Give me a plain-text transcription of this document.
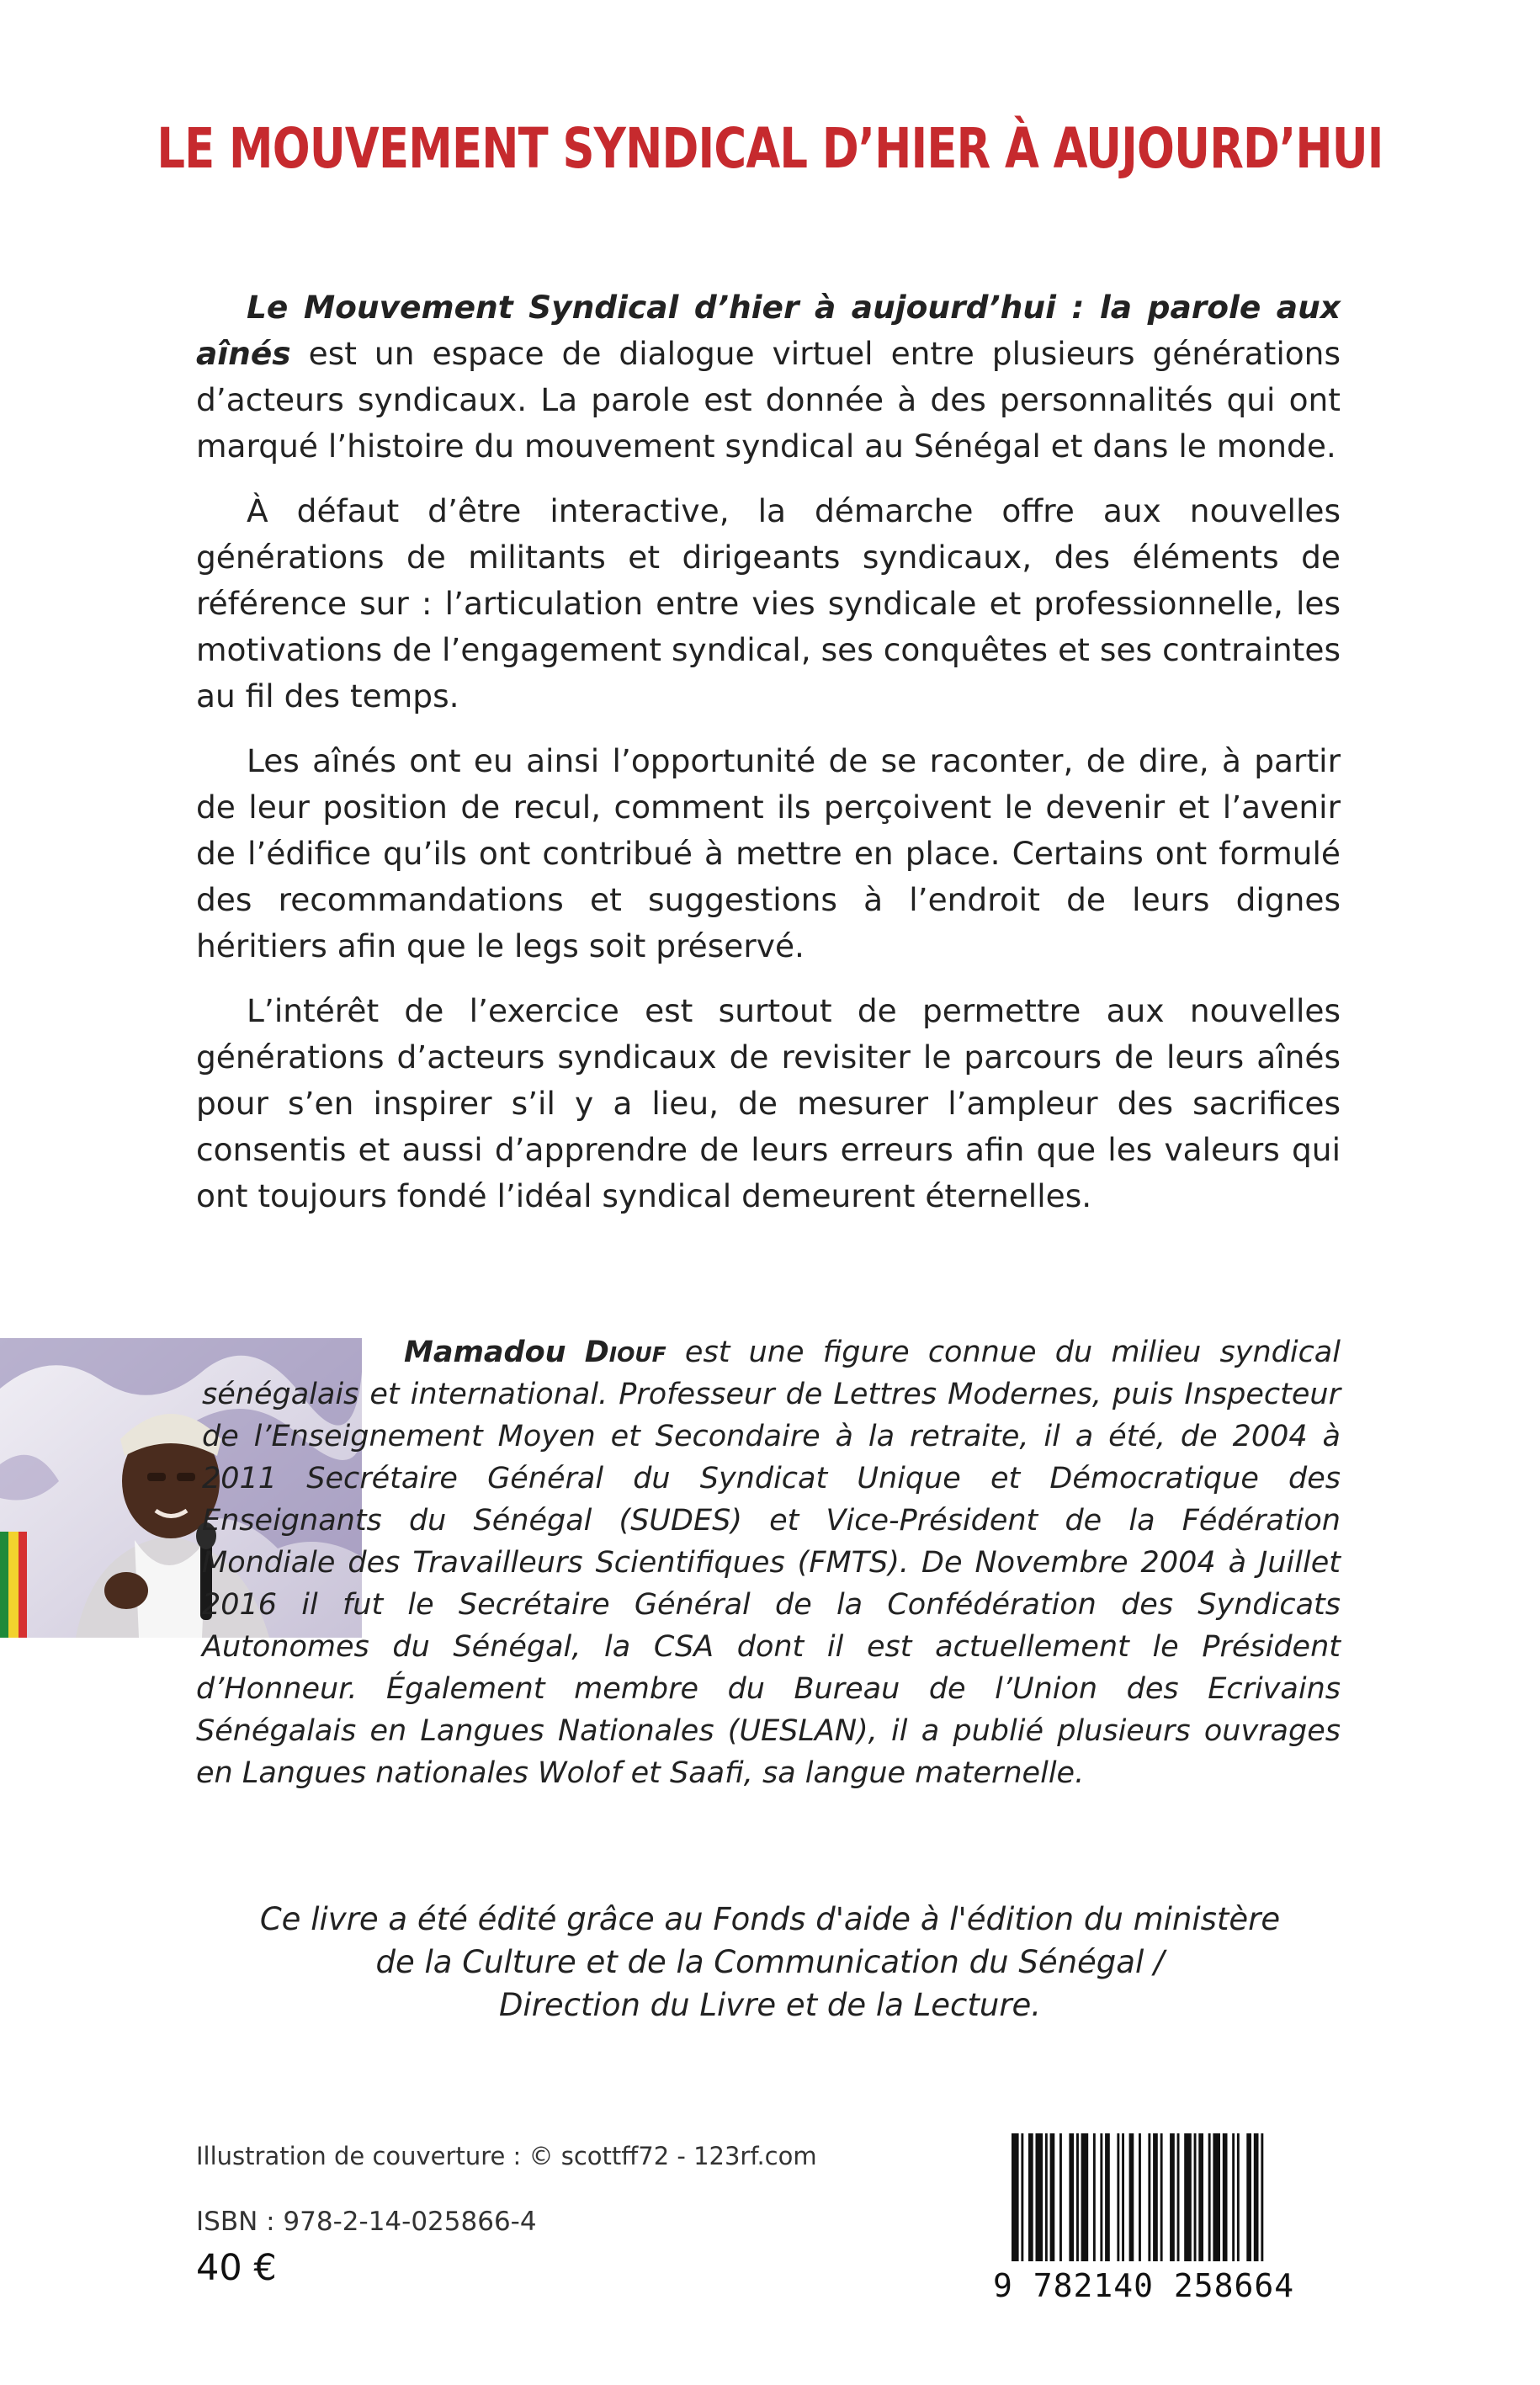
LE MOUVEMENT SYNDICAL D’HIER À AUJOURD’HUI

Le Mouvement Syndical d’hier à aujourd’hui : la parole aux aînés est un espace de dialogue virtuel entre plusieurs générations d’acteurs syndicaux. La parole est donnée à des personnalités qui ont marqué l’histoire du mouvement syndical au Sénégal et dans le monde.

À défaut d’être interactive, la démarche offre aux nouvelles générations de militants et dirigeants syndicaux, des éléments de référence sur : l’articulation entre vies syndicale et professionnelle, les motivations de l’engagement syndical, ses conquêtes et ses contraintes au fil des temps.

Les aînés ont eu ainsi l’opportunité de se raconter, de dire, à partir de leur position de recul, comment ils perçoivent le devenir et l’avenir de l’édifice qu’ils ont contribué à mettre en place. Certains ont formulé des recommandations et suggestions à l’endroit de leurs dignes héritiers afin que le legs soit préservé.

L’intérêt de l’exercice est surtout de permettre aux nouvelles générations d’acteurs syndicaux de revisiter le parcours de leurs aînés pour s’en inspirer s’il y a lieu, de mesurer l’ampleur des sacrifices consentis et aussi d’apprendre de leurs erreurs afin que les valeurs qui ont toujours fondé l’idéal syndical demeurent éternelles.

Mamadou Diouf est une figure connue du milieu syndical sénégalais et international. Professeur de Lettres Modernes, puis Inspecteur de l’Enseignement Moyen et Secondaire à la retraite, il a été, de 2004 à 2011 Secrétaire Général du Syndicat Unique et Démocratique des Enseignants du Sénégal (SUDES) et Vice-Président de la Fédération Mondiale des Travailleurs Scientifiques (FMTS). De Novembre 2004 à Juillet 2016 il fut le Secrétaire Général de la Confédération des Syndicats Autonomes du Sénégal, la CSA dont il est actuellement le Président d’Honneur. Également membre du Bureau de l’Union des Ecrivains Sénégalais en Langues Nationales (UESLAN), il a publié plusieurs ouvrages en Langues nationales Wolof et Saafi, sa langue maternelle.
Ce livre a été édité grâce au Fonds d'aide à l'édition du ministère
de la Culture et de la Communication du Sénégal /
Direction du Livre et de la Lecture.
Illustration de couverture : © scottff72 - 123rf.com
ISBN : 978-2-14-025866-4
40 €	9 782140 258664
